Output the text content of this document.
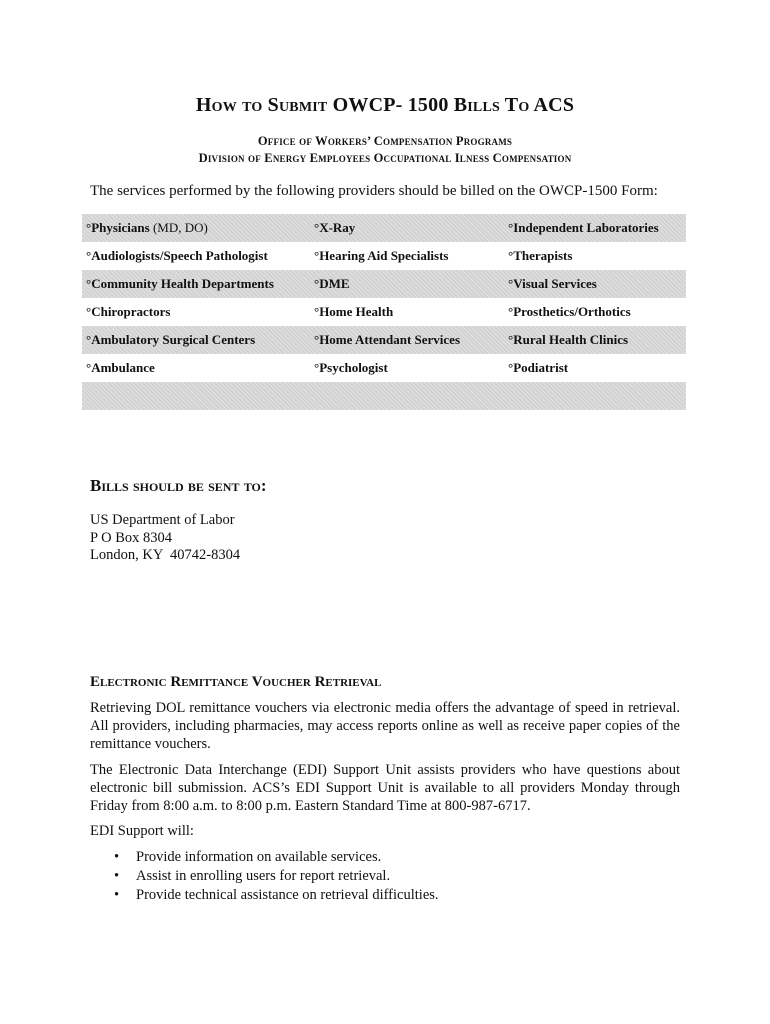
How to Submit OWCP- 1500 Bills To ACS
Office of Workers’ Compensation Programs
Division of Energy Employees Occupational Ilness Compensation
The services performed by the following providers should be billed on the OWCP-1500 Form:
°Physicians (MD, DO)	°X-Ray	°Independent Laboratories
°Audiologists/Speech Pathologist	°Hearing Aid Specialists	°Therapists
°Community Health Departments	°DME	°Visual Services
°Chiropractors	°Home Health	°Prosthetics/Orthotics
°Ambulatory Surgical Centers	°Home Attendant Services	°Rural Health Clinics
°Ambulance	°Psychologist	°Podiatrist
Bills should be sent to:
US Department of Labor
P O Box 8304
London, KY  40742-8304
Electronic Remittance Voucher Retrieval
Retrieving DOL remittance vouchers via electronic media offers the advantage of speed in retrieval. All providers, including pharmacies, may access reports online as well as receive paper copies of the remittance vouchers.
The Electronic Data Interchange (EDI) Support Unit assists providers who have questions about electronic bill submission. ACS’s EDI Support Unit is available to all providers Monday through Friday from 8:00 a.m. to 8:00 p.m. Eastern Standard Time at 800-987-6717.
EDI Support will:
• Provide information on available services.
• Assist in enrolling users for report retrieval.
• Provide technical assistance on retrieval difficulties.
